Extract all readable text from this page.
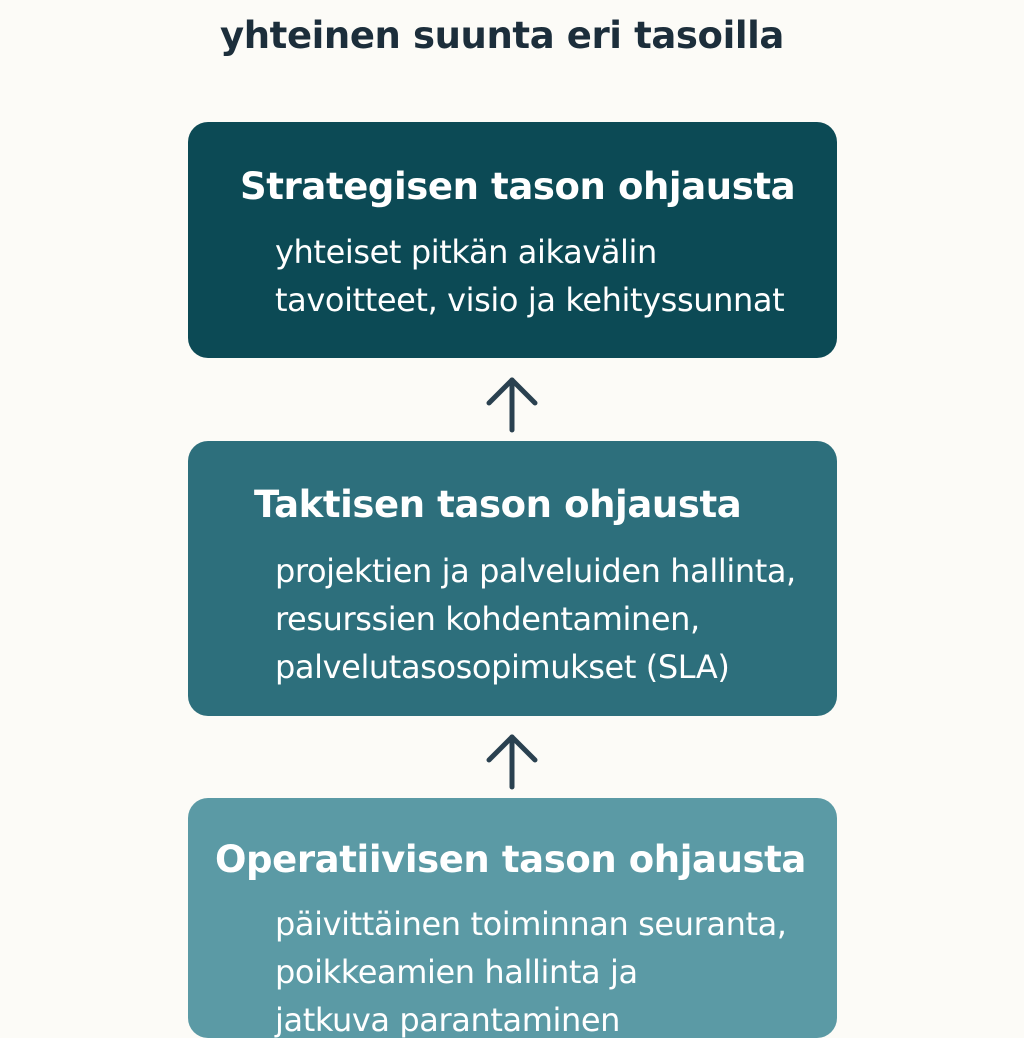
yhteinen suunta eri tasoilla
Strategisen tason ohjausta
yhteiset pitkän aikavälin
tavoitteet, visio ja kehityssunnat
Taktisen tason ohjausta
projektien ja palveluiden hallinta,
resurssien kohdentaminen,
palvelutasosopimukset (SLA)
Operatiivisen tason ohjausta
päivittäinen toiminnan seuranta,
poikkeamien hallinta ja
jatkuva parantaminen
